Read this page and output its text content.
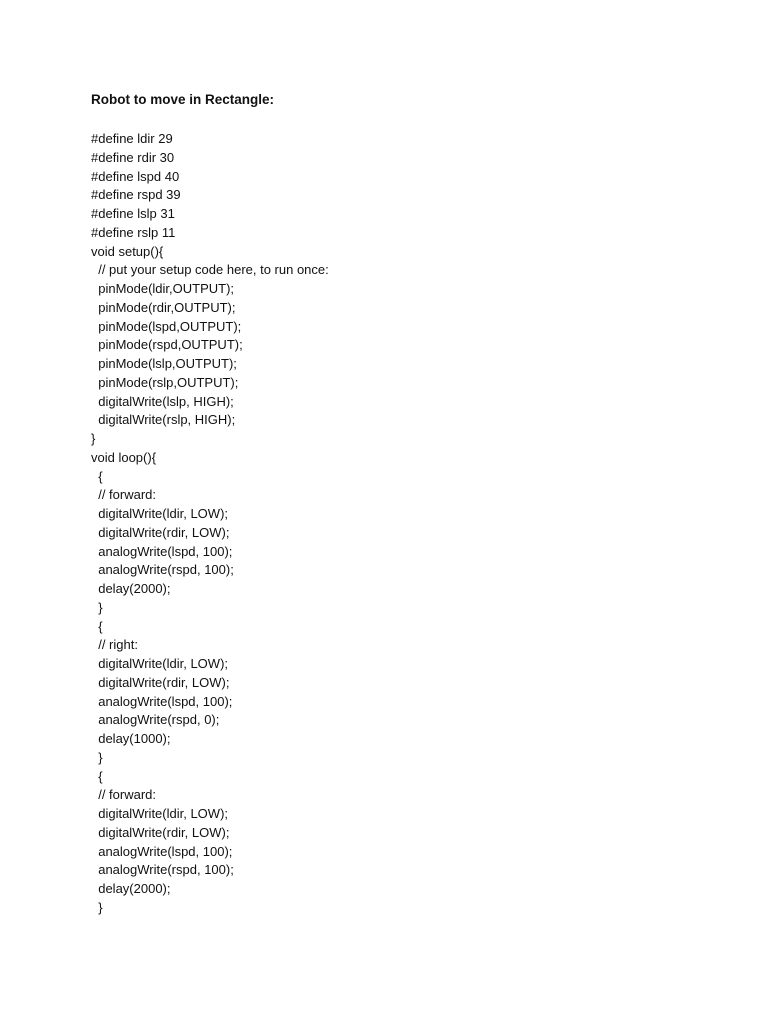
Robot to move in Rectangle:
#define ldir 29
#define rdir 30
#define lspd 40
#define rspd 39
#define lslp 31
#define rslp 11
void setup(){
// put your setup code here, to run once:
pinMode(ldir,OUTPUT);
pinMode(rdir,OUTPUT);
pinMode(lspd,OUTPUT);
pinMode(rspd,OUTPUT);
pinMode(lslp,OUTPUT);
pinMode(rslp,OUTPUT);
digitalWrite(lslp, HIGH);
digitalWrite(rslp, HIGH);
}
void loop(){
{
// forward:
digitalWrite(ldir, LOW);
digitalWrite(rdir, LOW);
analogWrite(lspd, 100);
analogWrite(rspd, 100);
delay(2000);
}
{
// right:
digitalWrite(ldir, LOW);
digitalWrite(rdir, LOW);
analogWrite(lspd, 100);
analogWrite(rspd, 0);
delay(1000);
}
{
// forward:
digitalWrite(ldir, LOW);
digitalWrite(rdir, LOW);
analogWrite(lspd, 100);
analogWrite(rspd, 100);
delay(2000);
}
